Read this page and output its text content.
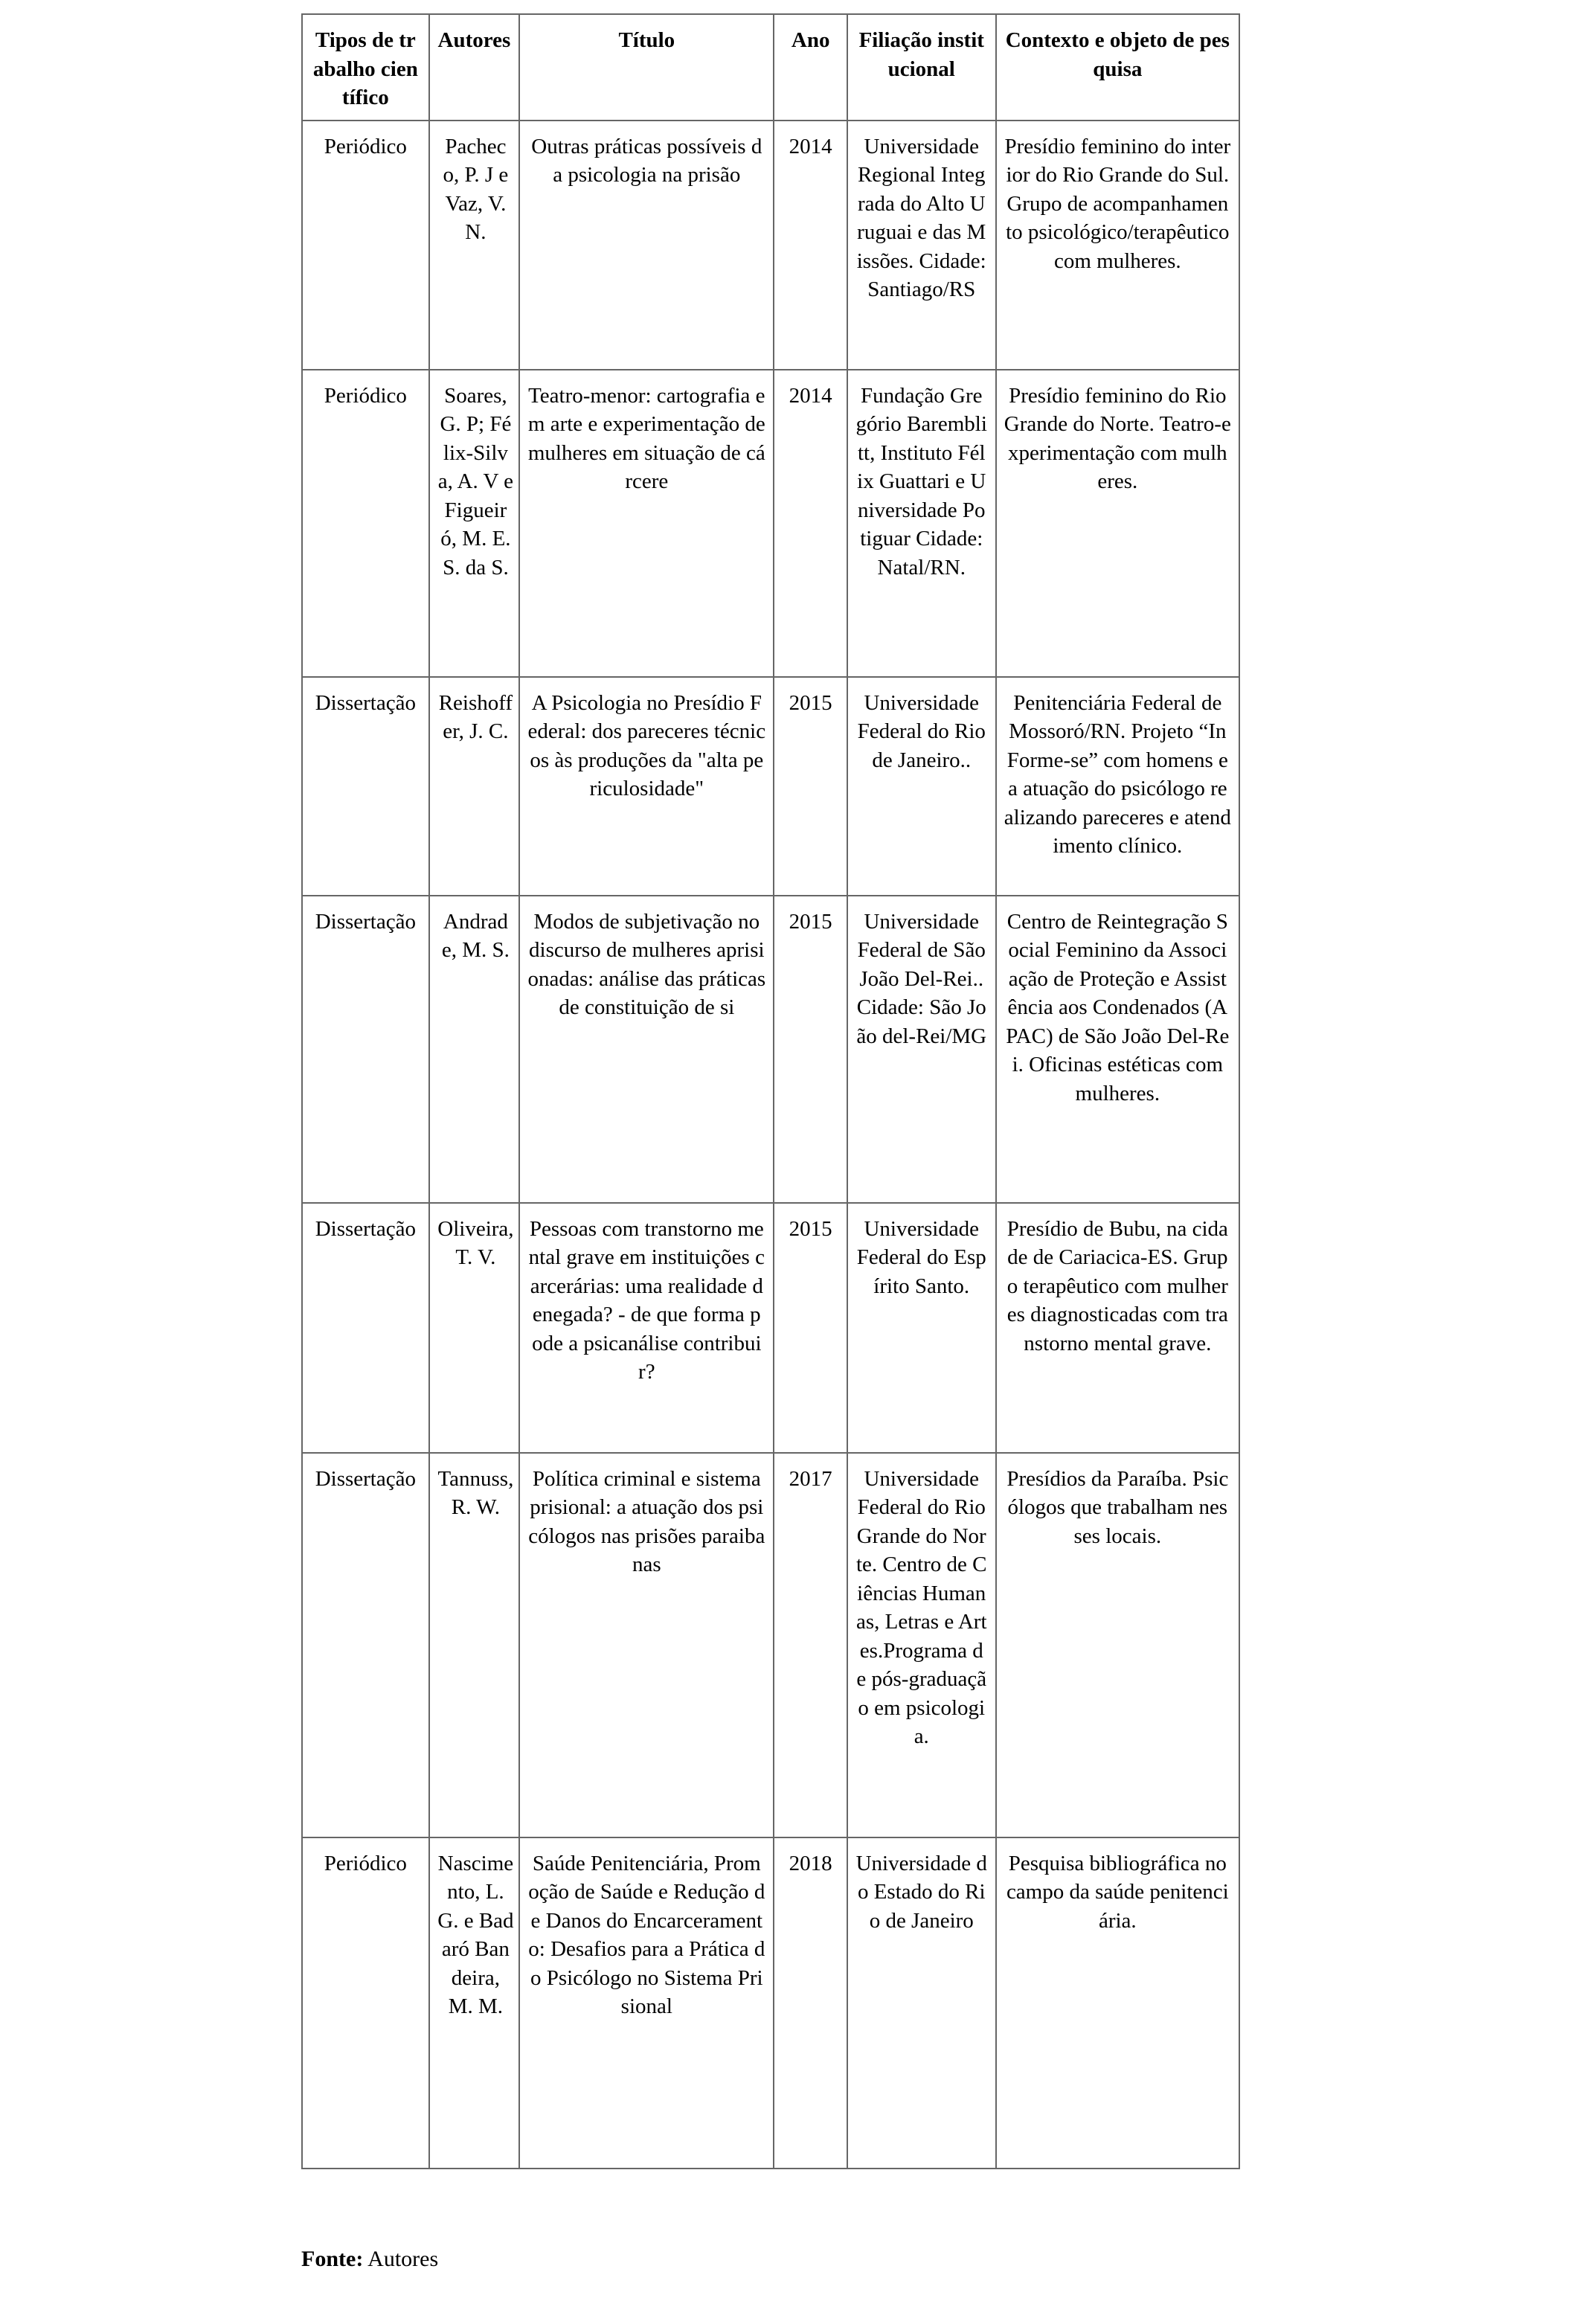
Tipos de trabalho científico	Autores	Título	Ano	Filiação institucional	Contexto e objeto de pesquisa
Periódico	Pacheco, P. J e Vaz, V. N.	Outras práticas possíveis da psicologia na prisão	2014	Universidade Regional Integrada do Alto Uruguai e das Missões. Cidade: Santiago/RS	Presídio feminino do interior do Rio Grande do Sul. Grupo de acompanhamento psicológico/terapêutico com mulheres.
Periódico	Soares, G. P; Félix-Silva, A. V e Figueiró, M. E. S. da S.	Teatro-menor: cartografia em arte e experimentação de mulheres em situação de cárcere	2014	Fundação Gregório Baremblitt, Instituto Félix Guattari e Universidade Potiguar Cidade: Natal/RN.	Presídio feminino do Rio Grande do Norte. Teatro-experimentação com mulheres.
Dissertação	Reishoffer, J. C.	A Psicologia no Presídio Federal: dos pareceres técnicos às produções da "alta periculosidade"	2015	Universidade Federal do Rio de Janeiro..	Penitenciária Federal de Mossoró/RN. Projeto “InForme-se” com homens e a atuação do psicólogo realizando pareceres e atendimento clínico.
Dissertação	Andrade, M. S.	Modos de subjetivação no discurso de mulheres aprisionadas: análise das práticas de constituição de si	2015	Universidade Federal de São João Del-Rei.. Cidade: São João del-Rei/MG	Centro de Reintegração Social Feminino da Associação de Proteção e Assistência aos Condenados (APAC) de São João Del-Rei. Oficinas estéticas com mulheres.
Dissertação	Oliveira, T. V.	Pessoas com transtorno mental grave em instituições carcerárias: uma realidade denegada? - de que forma pode a psicanálise contribuir?	2015	Universidade Federal do Espírito Santo.	Presídio de Bubu, na cidade de Cariacica-ES. Grupo terapêutico com mulheres diagnosticadas com transtorno mental grave.
Dissertação	Tannuss, R. W.	Política criminal e sistema prisional: a atuação dos psicólogos nas prisões paraibanas	2017	Universidade Federal do Rio Grande do Norte. Centro de Ciências Humanas, Letras e Artes.Programa de pós-graduação em psicologia.	Presídios da Paraíba. Psicólogos que trabalham nesses locais.
Periódico	Nascimento, L. G. e Badaró Bandeira, M. M.	Saúde Penitenciária, Promoção de Saúde e Redução de Danos do Encarceramento: Desafios para a Prática do Psicólogo no Sistema Prisional	2018	Universidade do Estado do Rio de Janeiro	Pesquisa bibliográfica no campo da saúde penitenciária.
Fonte: Autores
